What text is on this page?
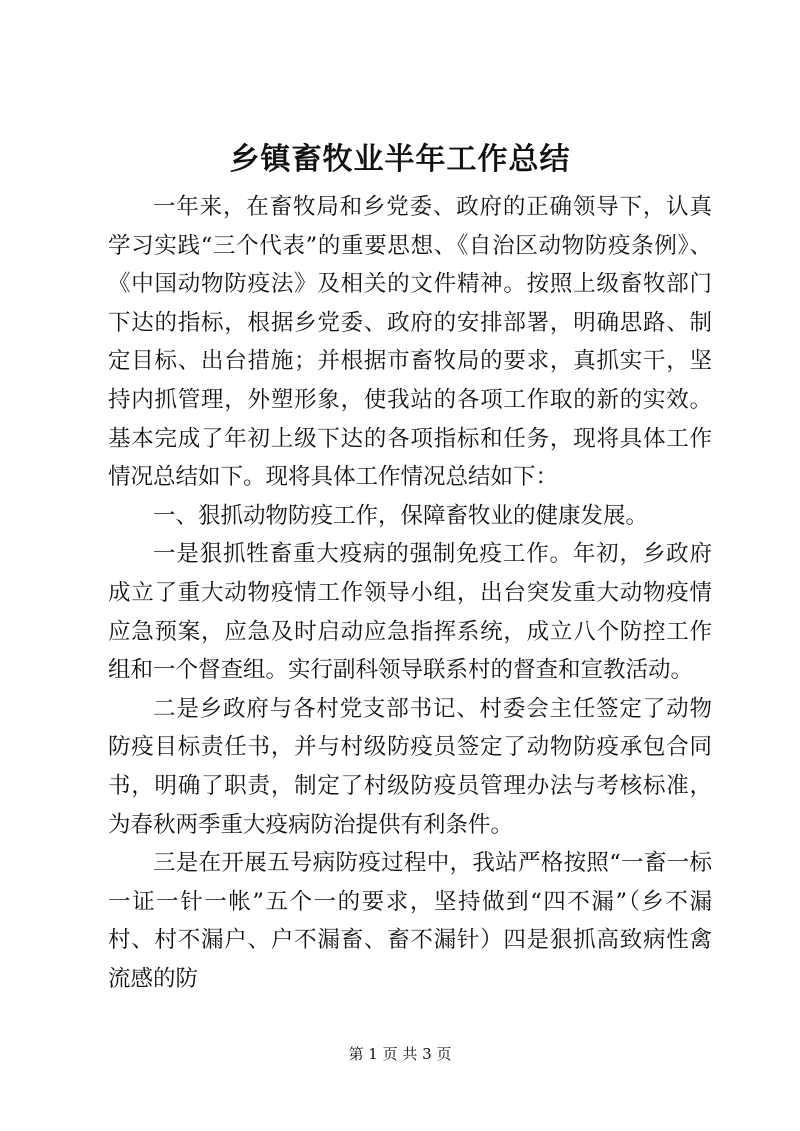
乡镇畜牧业半年工作总结

一年来，在畜牧局和乡党委、政府的正确领导下，认真学习实践“三个代表”的重要思想、《自治区动物防疫条例》、《中国动物防疫法》及相关的文件精神。按照上级畜牧部门下达的指标，根据乡党委、政府的安排部署，明确思路、制定目标、出台措施；并根据市畜牧局的要求，真抓实干，坚持内抓管理，外塑形象，使我站的各项工作取的新的实效。基本完成了年初上级下达的各项指标和任务，现将具体工作情况总结如下。现将具体工作情况总结如下：

一、狠抓动物防疫工作，保障畜牧业的健康发展。

一是狠抓牲畜重大疫病的强制免疫工作。年初，乡政府成立了重大动物疫情工作领导小组，出台突发重大动物疫情应急预案，应急及时启动应急指挥系统，成立八个防控工作组和一个督查组。实行副科领导联系村的督查和宣教活动。

二是乡政府与各村党支部书记、村委会主任签定了动物防疫目标责任书，并与村级防疫员签定了动物防疫承包合同书，明确了职责，制定了村级防疫员管理办法与考核标准，为春秋两季重大疫病防治提供有利条件。

三是在开展五号病防疫过程中，我站严格按照“一畜一标一证一针一帐”五个一的要求，坚持做到“四不漏”（乡不漏村、村不漏户、户不漏畜、畜不漏针）四是狠抓高致病性禽流感的防

第 1 页 共 3 页
